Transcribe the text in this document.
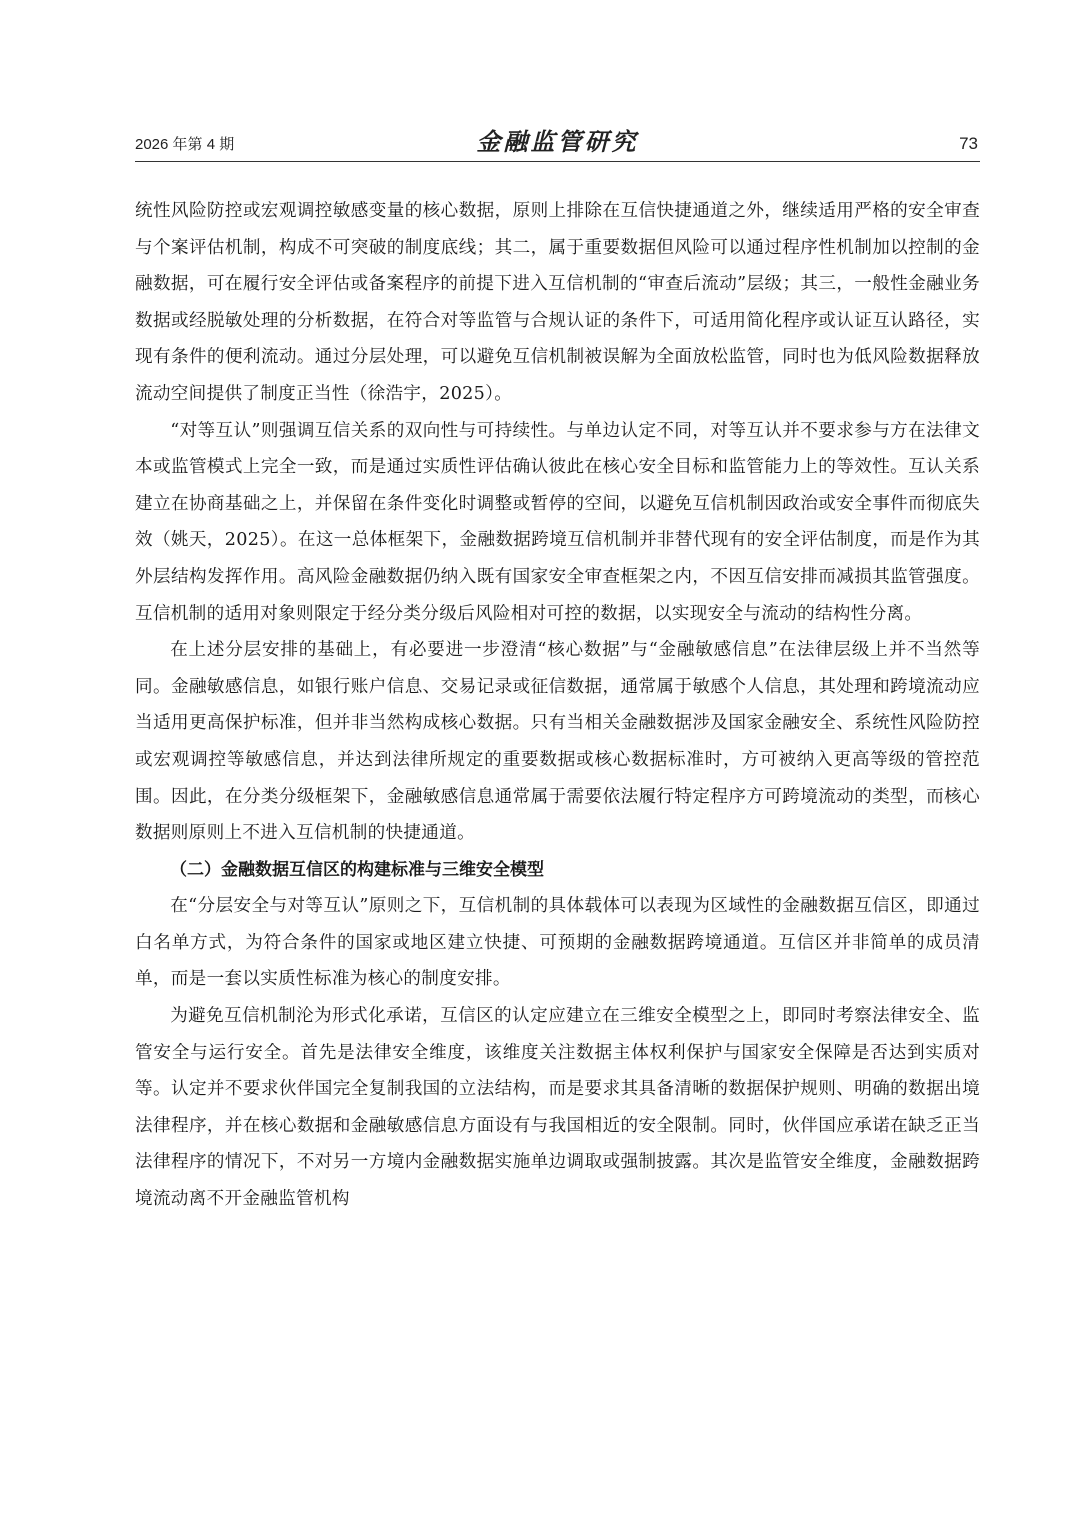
2026 年第 4 期	金融监管研究	73

统性风险防控或宏观调控敏感变量的核心数据，原则上排除在互信快捷通道之外，继续适用严格的安全审查与个案评估机制，构成不可突破的制度底线；其二，属于重要数据但风险可以通过程序性机制加以控制的金融数据，可在履行安全评估或备案程序的前提下进入互信机制的“审查后流动”层级；其三，一般性金融业务数据或经脱敏处理的分析数据，在符合对等监管与合规认证的条件下，可适用简化程序或认证互认路径，实现有条件的便利流动。通过分层处理，可以避免互信机制被误解为全面放松监管，同时也为低风险数据释放流动空间提供了制度正当性（徐浩宇，2025）。

“对等互认”则强调互信关系的双向性与可持续性。与单边认定不同，对等互认并不要求参与方在法律文本或监管模式上完全一致，而是通过实质性评估确认彼此在核心安全目标和监管能力上的等效性。互认关系建立在协商基础之上，并保留在条件变化时调整或暂停的空间，以避免互信机制因政治或安全事件而彻底失效（姚天，2025）。在这一总体框架下，金融数据跨境互信机制并非替代现有的安全评估制度，而是作为其外层结构发挥作用。高风险金融数据仍纳入既有国家安全审查框架之内，不因互信安排而减损其监管强度。互信机制的适用对象则限定于经分类分级后风险相对可控的数据，以实现安全与流动的结构性分离。

在上述分层安排的基础上，有必要进一步澄清“核心数据”与“金融敏感信息”在法律层级上并不当然等同。金融敏感信息，如银行账户信息、交易记录或征信数据，通常属于敏感个人信息，其处理和跨境流动应当适用更高保护标准，但并非当然构成核心数据。只有当相关金融数据涉及国家金融安全、系统性风险防控或宏观调控等敏感信息，并达到法律所规定的重要数据或核心数据标准时，方可被纳入更高等级的管控范围。因此，在分类分级框架下，金融敏感信息通常属于需要依法履行特定程序方可跨境流动的类型，而核心数据则原则上不进入互信机制的快捷通道。

（二）金融数据互信区的构建标准与三维安全模型

在“分层安全与对等互认”原则之下，互信机制的具体载体可以表现为区域性的金融数据互信区，即通过白名单方式，为符合条件的国家或地区建立快捷、可预期的金融数据跨境通道。互信区并非简单的成员清单，而是一套以实质性标准为核心的制度安排。

为避免互信机制沦为形式化承诺，互信区的认定应建立在三维安全模型之上，即同时考察法律安全、监管安全与运行安全。首先是法律安全维度，该维度关注数据主体权利保护与国家安全保障是否达到实质对等。认定并不要求伙伴国完全复制我国的立法结构，而是要求其具备清晰的数据保护规则、明确的数据出境法律程序，并在核心数据和金融敏感信息方面设有与我国相近的安全限制。同时，伙伴国应承诺在缺乏正当法律程序的情况下，不对另一方境内金融数据实施单边调取或强制披露。其次是监管安全维度，金融数据跨境流动离不开金融监管机构
